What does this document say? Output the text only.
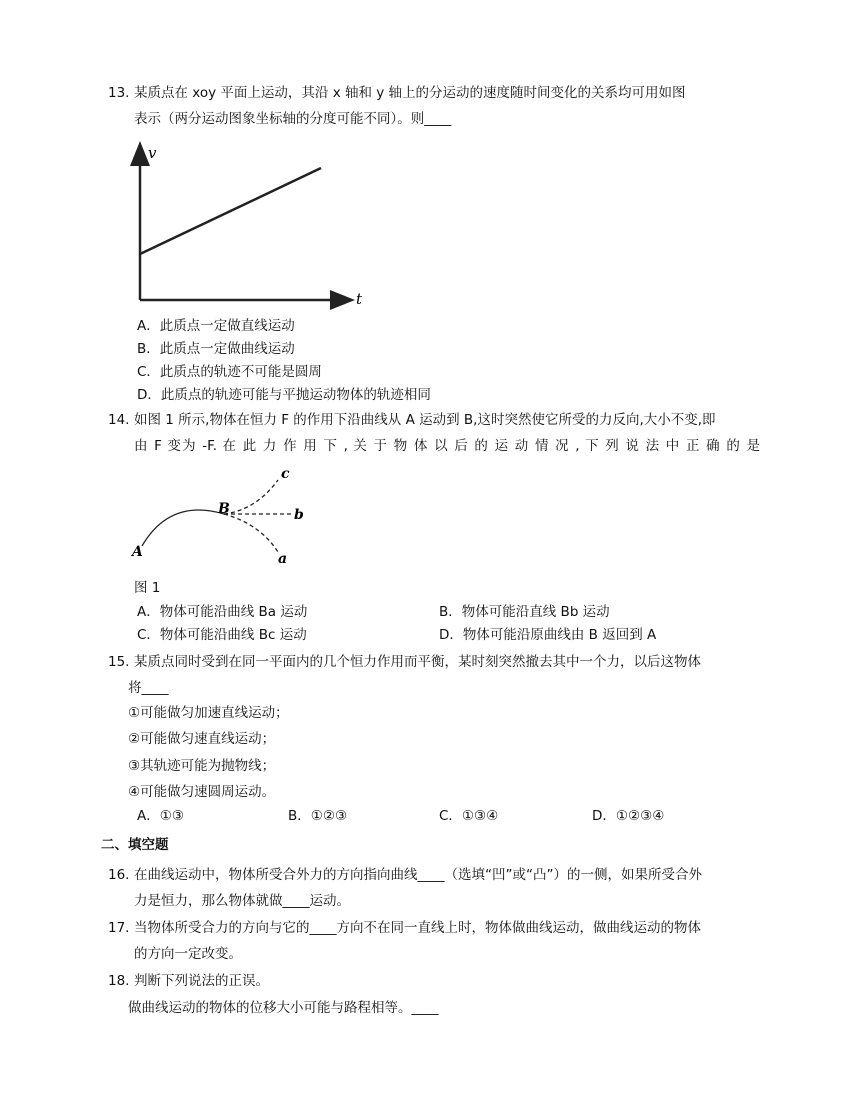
13. 某质点在 xoy 平面上运动，其沿 x 轴和 y 轴上的分运动的速度随时间变化的关系均可用如图
表示（两分运动图象坐标轴的分度可能不同）。则____
v
t
A．此质点一定做直线运动
B．此质点一定做曲线运动
C．此质点的轨迹不可能是圆周
D．此质点的轨迹可能与平抛运动物体的轨迹相同
14. 如图 1 所示,物体在恒力 F 的作用下沿曲线从 A 运动到 B,这时突然使它所受的力反向,大小不变,即
由 F 变为 -F. 在 此 力 作 用 下 , 关 于 物 体 以 后 的 运 动 情 况 , 下 列 说 法 中 正 确 的 是
A
B
c
b
a
图 1
A．物体可能沿曲线 Ba 运动	B．物体可能沿直线 Bb 运动
C．物体可能沿曲线 Bc 运动	D．物体可能沿原曲线由 B 返回到 A
15. 某质点同时受到在同一平面内的几个恒力作用而平衡，某时刻突然撤去其中一个力，以后这物体
将____
①可能做匀加速直线运动；
②可能做匀速直线运动；
③其轨迹可能为抛物线；
④可能做匀速圆周运动。
A．①③	B．①②③	C．①③④	D．①②③④
二、填空题
16. 在曲线运动中，物体所受合外力的方向指向曲线____（选填“凹”或“凸”）的一侧，如果所受合外
力是恒力，那么物体就做____运动。
17. 当物体所受合力的方向与它的____方向不在同一直线上时，物体做曲线运动，做曲线运动的物体
的方向一定改变。
18. 判断下列说法的正误。
做曲线运动的物体的位移大小可能与路程相等。____
